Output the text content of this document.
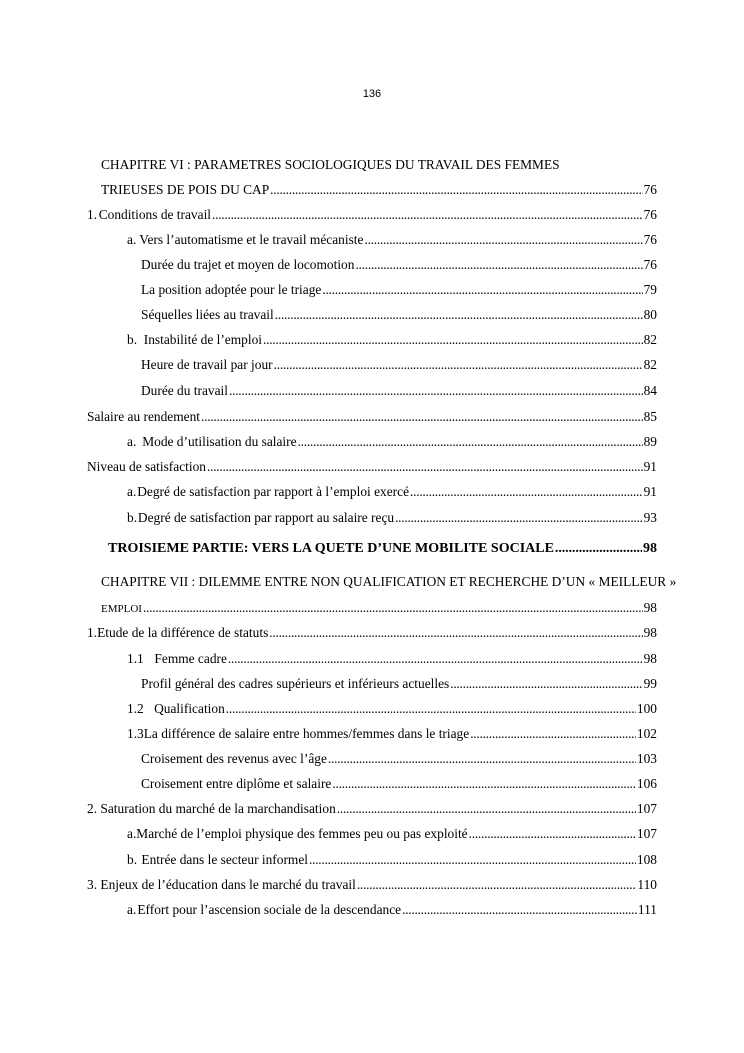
136
CHAPITRE VI : PARAMETRES SOCIOLOGIQUES DU TRAVAIL DES FEMMES
TRIEUSES DE POIS DU CAP . . .	76
1. Conditions de travail . . .	76
a. Vers l’automatisme et le travail mécaniste . . .	76
Durée du trajet et moyen de locomotion . . .	76
La position adoptée pour le triage . . .	79
Séquelles liées au travail . . .	80
b. Instabilité de l’emploi . . .	82
Heure de travail par jour . . .	82
Durée du travail . . .	84
Salaire au rendement . . .	85
a. Mode d’utilisation du salaire . . .	89
Niveau de satisfaction . . .	91
a. Degré de satisfaction par rapport à l’emploi exercé . . .	91
b. Degré de satisfaction par rapport au salaire reçu . . .	93
TROISIEME PARTIE: VERS LA QUETE D’UNE MOBILITE SOCIALE . . .	98
CHAPITRE VII : DILEMME ENTRE NON QUALIFICATION ET RECHERCHE D’UN « MEILLEUR »
EMPLOI . . .	98
1. Etude de la différence de statuts . . .	98
1.1 Femme cadre . . .	98
Profil général des cadres supérieurs et inférieurs actuelles . . .	99
1.2 Qualification . . .	100
1.3 La différence de salaire entre hommes/femmes dans le triage . . .	102
Croisement des revenus avec l’âge . . .	103
Croisement entre diplôme et salaire . . .	106
2. Saturation du marché de la marchandisation . . .	107
a. Marché de l’emploi physique des femmes peu ou pas exploité . . .	107
b. Entrée dans le secteur informel . . .	108
3. Enjeux de l’éducation dans le marché du travail . . .	110
a. Effort pour l’ascension sociale de la descendance . . .	111
